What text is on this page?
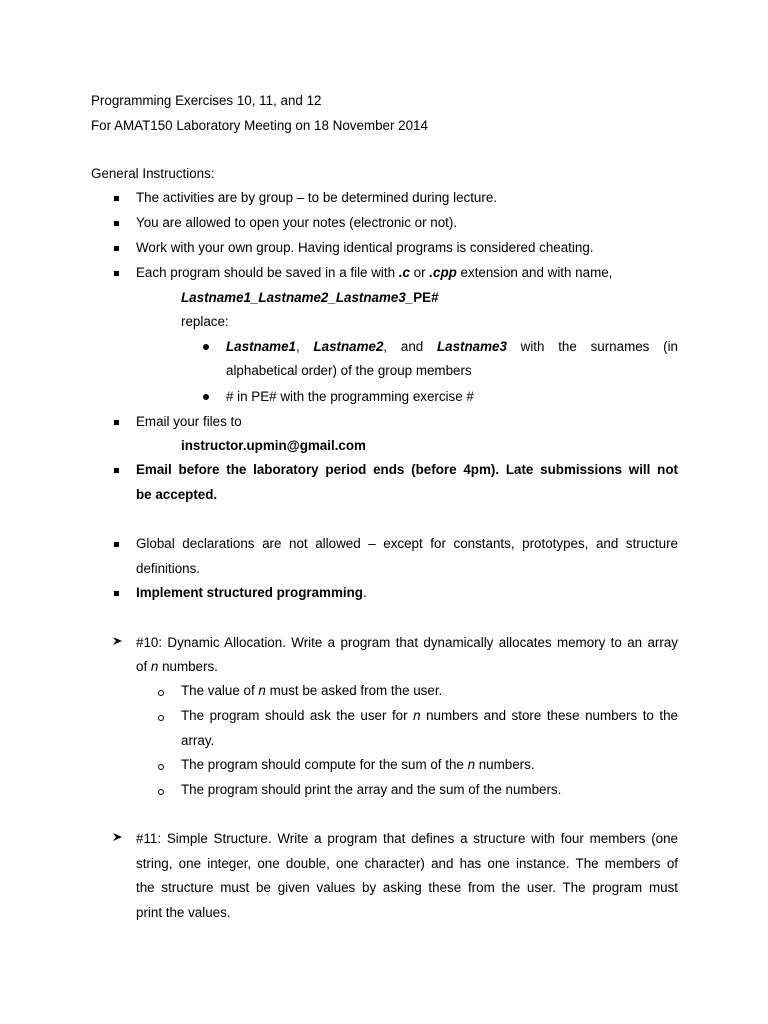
Programming Exercises 10, 11, and 12
For AMAT150 Laboratory Meeting on 18 November 2014
General Instructions:
The activities are by group – to be determined during lecture.
You are allowed to open your notes (electronic or not).
Work with your own group. Having identical programs is considered cheating.
Each program should be saved in a file with .c or .cpp extension and with name,
Lastname1_Lastname2_Lastname3_PE#
replace:
Lastname1, Lastname2, and Lastname3 with the surnames (in
alphabetical order) of the group members
# in PE# with the programming exercise #
Email your files to
instructor.upmin@gmail.com
Email before the laboratory period ends (before 4pm). Late submissions will not
be accepted.
Global declarations are not allowed – except for constants, prototypes, and structure
definitions.
Implement structured programming.
#10: Dynamic Allocation. Write a program that dynamically allocates memory to an array
of n numbers.
The value of n must be asked from the user.
The program should ask the user for n numbers and store these numbers to the
array.
The program should compute for the sum of the n numbers.
The program should print the array and the sum of the numbers.
#11: Simple Structure. Write a program that defines a structure with four members (one
string, one integer, one double, one character) and has one instance. The members of
the structure must be given values by asking these from the user. The program must
print the values.
